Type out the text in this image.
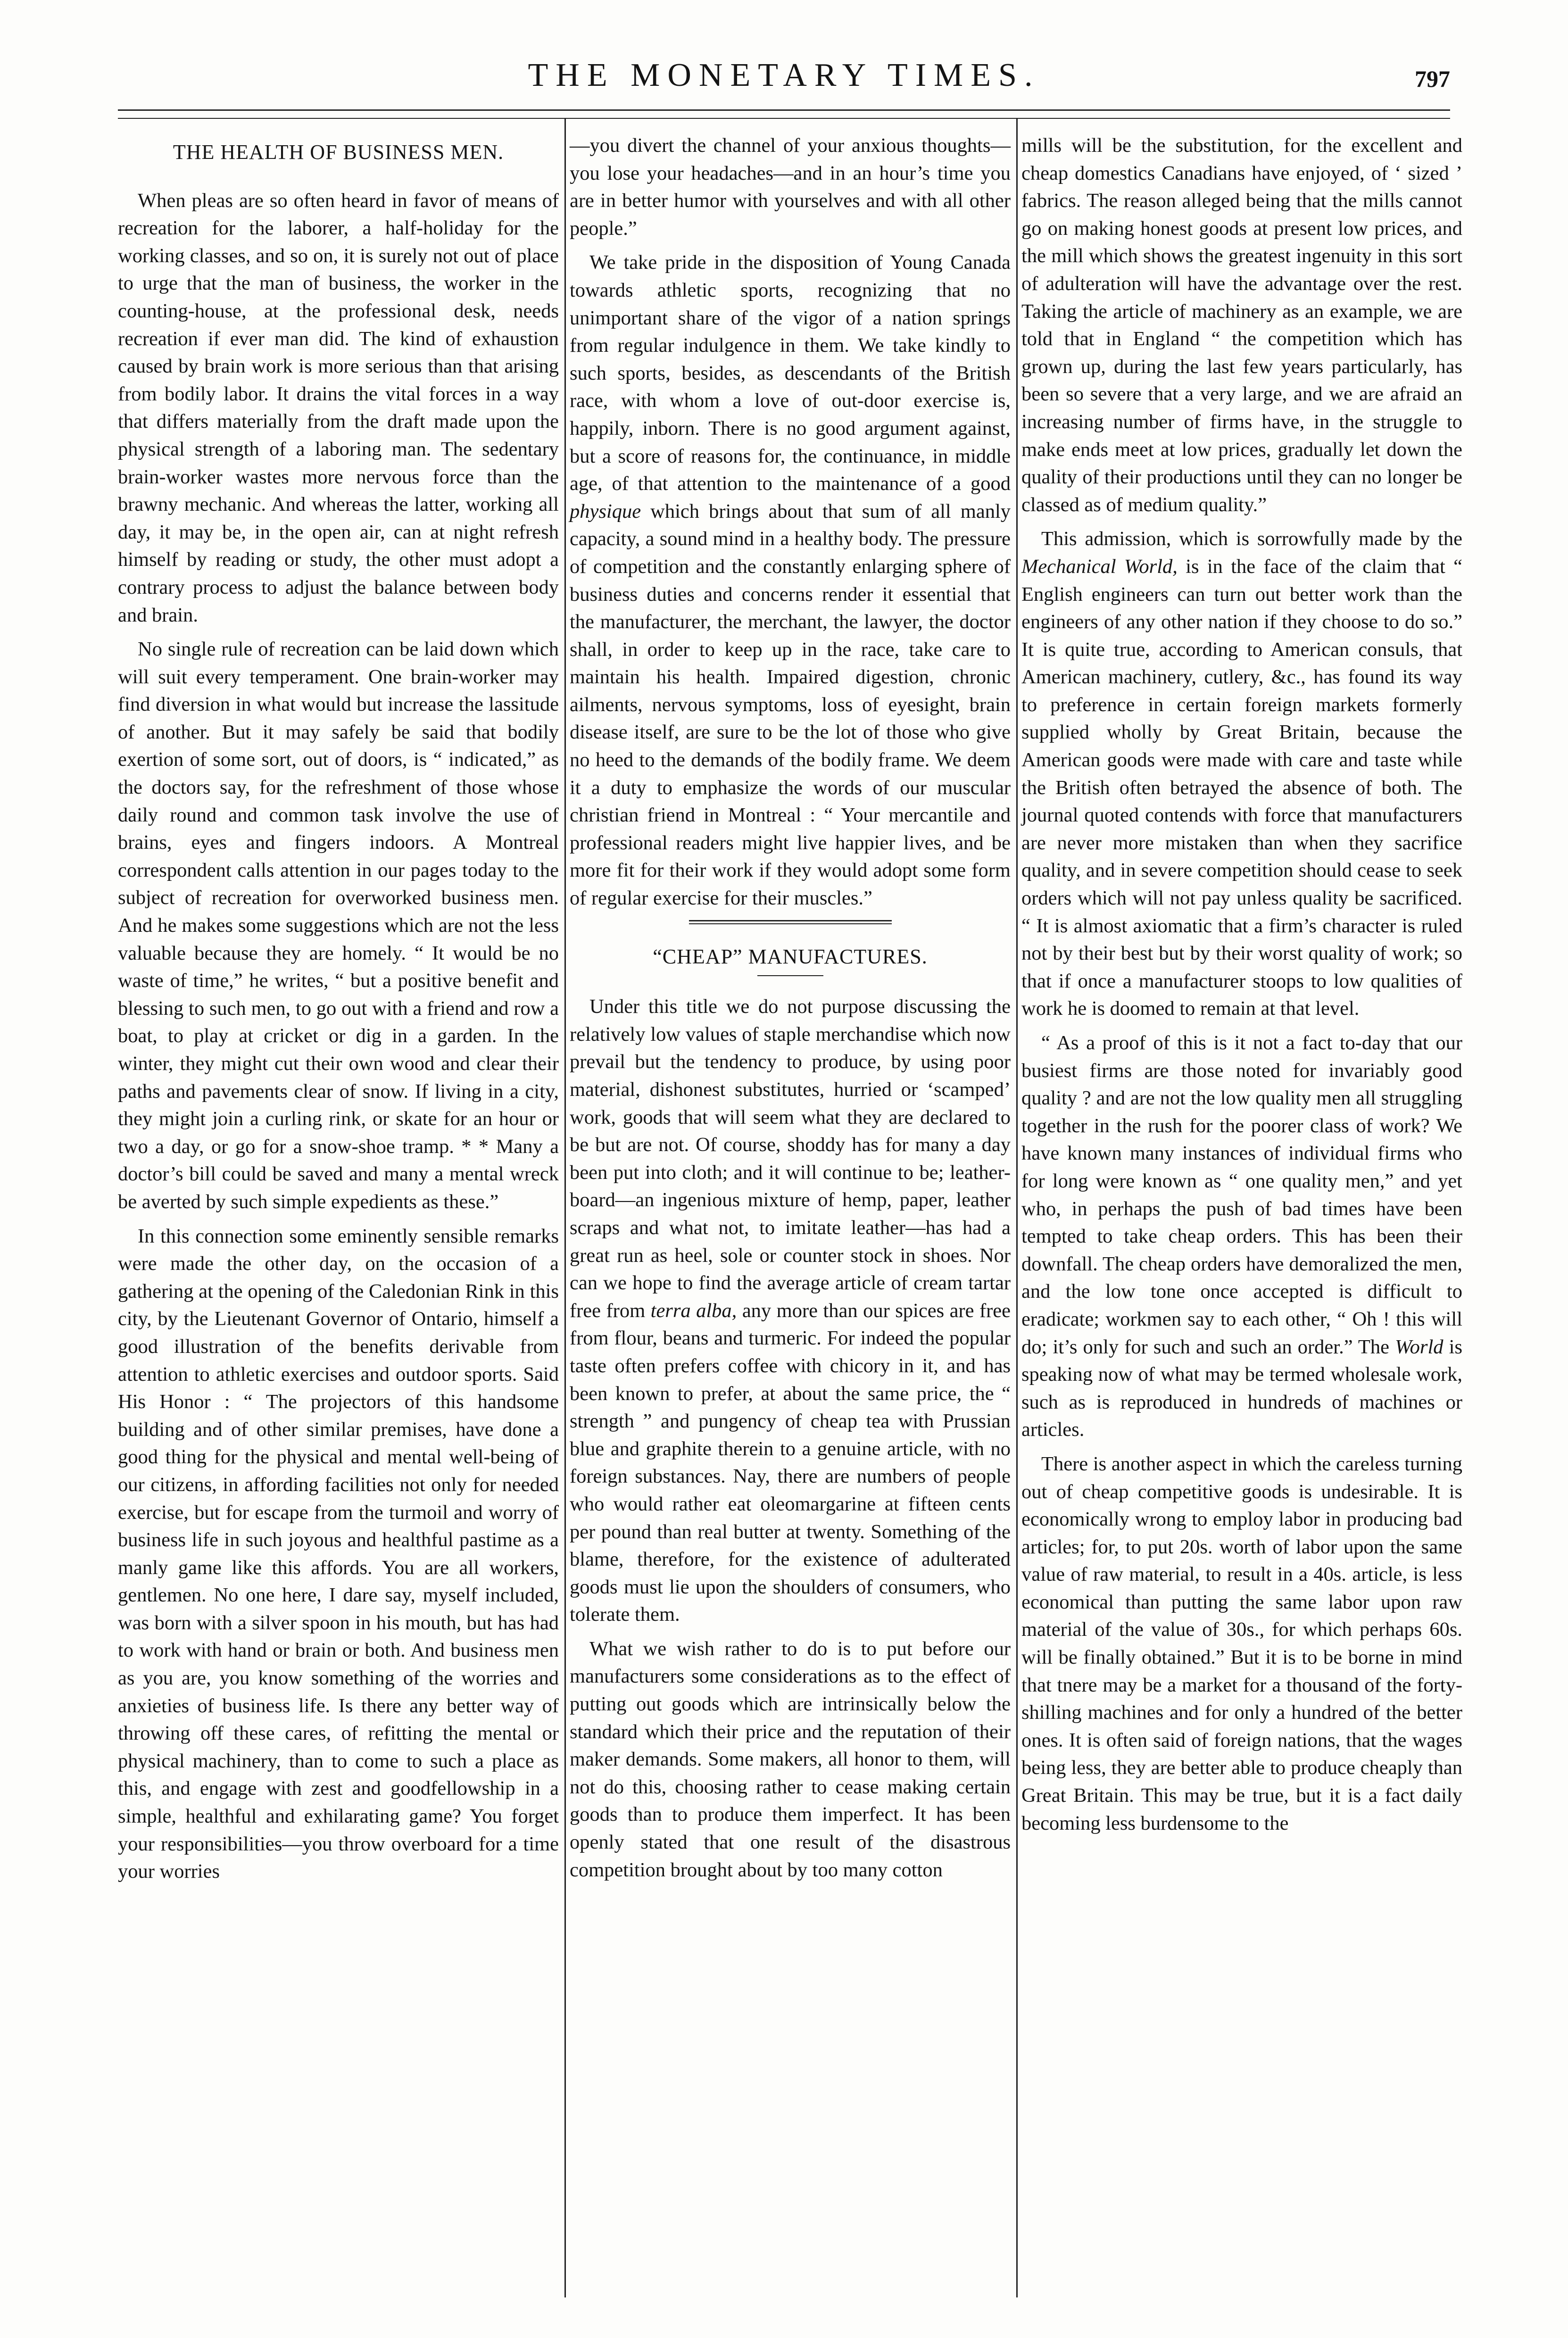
THE MONETARY TIMES.	797
THE HEALTH OF BUSINESS MEN.

When pleas are so often heard in favor of means of recreation for the laborer, a half-holiday for the working classes, and so on, it is surely not out of place to urge that the man of business, the worker in the counting-house, at the professional desk, needs recreation if ever man did. The kind of exhaustion caused by brain work is more serious than that arising from bodily labor. It drains the vital forces in a way that differs materially from the draft made upon the physical strength of a laboring man. The sedentary brain-worker wastes more nervous force than the brawny mechanic. And whereas the latter, working all day, it may be, in the open air, can at night refresh himself by reading or study, the other must adopt a contrary process to adjust the balance between body and brain.

No single rule of recreation can be laid down which will suit every temperament. One brain-worker may find diversion in what would but increase the lassitude of another. But it may safely be said that bodily exertion of some sort, out of doors, is “ indicated,” as the doctors say, for the refreshment of those whose daily round and common task involve the use of brains, eyes and fingers indoors. A Montreal correspondent calls attention in our pages today to the subject of recreation for overworked business men. And he makes some suggestions which are not the less valuable because they are homely. “ It would be no waste of time,” he writes, “ but a positive benefit and blessing to such men, to go out with a friend and row a boat, to play at cricket or dig in a garden. In the winter, they might cut their own wood and clear their paths and pavements clear of snow. If living in a city, they might join a curling rink, or skate for an hour or two a day, or go for a snow-shoe tramp. * * Many a doctor’s bill could be saved and many a mental wreck be averted by such simple expedients as these.”

In this connection some eminently sensible remarks were made the other day, on the occasion of a gathering at the opening of the Caledonian Rink in this city, by the Lieutenant Governor of Ontario, himself a good illustration of the benefits derivable from attention to athletic exercises and outdoor sports. Said His Honor : “ The projectors of this handsome building and of other similar premises, have done a good thing for the physical and mental well-being of our citizens, in affording facilities not only for needed exercise, but for escape from the turmoil and worry of business life in such joyous and healthful pastime as a manly game like this affords. You are all workers, gentlemen. No one here, I dare say, myself included, was born with a silver spoon in his mouth, but has had to work with hand or brain or both. And business men as you are, you know something of the worries and anxieties of business life. Is there any better way of throwing off these cares, of refitting the mental or physical machinery, than to come to such a place as this, and engage with zest and goodfellowship in a simple, healthful and exhilarating game? You forget your responsibilities—you throw overboard for a time your worries

—you divert the channel of your anxious thoughts—you lose your headaches—and in an hour’s time you are in better humor with yourselves and with all other people.”

We take pride in the disposition of Young Canada towards athletic sports, recognizing that no unimportant share of the vigor of a nation springs from regular indulgence in them. We take kindly to such sports, besides, as descendants of the British race, with whom a love of out-door exercise is, happily, inborn. There is no good argument against, but a score of reasons for, the continuance, in middle age, of that attention to the maintenance of a good physique which brings about that sum of all manly capacity, a sound mind in a healthy body. The pressure of competition and the constantly enlarging sphere of business duties and concerns render it essential that the manufacturer, the merchant, the lawyer, the doctor shall, in order to keep up in the race, take care to maintain his health. Impaired digestion, chronic ailments, nervous symptoms, loss of eyesight, brain disease itself, are sure to be the lot of those who give no heed to the demands of the bodily frame. We deem it a duty to emphasize the words of our muscular christian friend in Montreal : “ Your mercantile and professional readers might live happier lives, and be more fit for their work if they would adopt some form of regular exercise for their muscles.”

“CHEAP” MANUFACTURES.

Under this title we do not purpose discussing the relatively low values of staple merchandise which now prevail but the tendency to produce, by using poor material, dishonest substitutes, hurried or ‘scamped’ work, goods that will seem what they are declared to be but are not. Of course, shoddy has for many a day been put into cloth; and it will continue to be; leather-board—an ingenious mixture of hemp, paper, leather scraps and what not, to imitate leather—has had a great run as heel, sole or counter stock in shoes. Nor can we hope to find the average article of cream tartar free from terra alba, any more than our spices are free from flour, beans and turmeric. For indeed the popular taste often prefers coffee with chicory in it, and has been known to prefer, at about the same price, the “ strength ” and pungency of cheap tea with Prussian blue and graphite therein to a genuine article, with no foreign substances. Nay, there are numbers of people who would rather eat oleomargarine at fifteen cents per pound than real butter at twenty. Something of the blame, therefore, for the existence of adulterated goods must lie upon the shoulders of consumers, who tolerate them.

What we wish rather to do is to put before our manufacturers some considerations as to the effect of putting out goods which are intrinsically below the standard which their price and the reputation of their maker demands. Some makers, all honor to them, will not do this, choosing rather to cease making certain goods than to produce them imperfect. It has been openly stated that one result of the disastrous competition brought about by too many cotton

mills will be the substitution, for the excellent and cheap domestics Canadians have enjoyed, of ‘ sized ’ fabrics. The reason alleged being that the mills cannot go on making honest goods at present low prices, and the mill which shows the greatest ingenuity in this sort of adulteration will have the advantage over the rest. Taking the article of machinery as an example, we are told that in England “ the competition which has grown up, during the last few years particularly, has been so severe that a very large, and we are afraid an increasing number of firms have, in the struggle to make ends meet at low prices, gradually let down the quality of their productions until they can no longer be classed as of medium quality.”

This admission, which is sorrowfully made by the Mechanical World, is in the face of the claim that “ English engineers can turn out better work than the engineers of any other nation if they choose to do so.” It is quite true, according to American consuls, that American machinery, cutlery, &c., has found its way to preference in certain foreign markets formerly supplied wholly by Great Britain, because the American goods were made with care and taste while the British often betrayed the absence of both. The journal quoted contends with force that manufacturers are never more mistaken than when they sacrifice quality, and in severe competition should cease to seek orders which will not pay unless quality be sacrificed. “ It is almost axiomatic that a firm’s character is ruled not by their best but by their worst quality of work; so that if once a manufacturer stoops to low qualities of work he is doomed to remain at that level.

“ As a proof of this is it not a fact to-day that our busiest firms are those noted for invariably good quality ? and are not the low quality men all struggling together in the rush for the poorer class of work? We have known many instances of individual firms who for long were known as “ one quality men,” and yet who, in perhaps the push of bad times have been tempted to take cheap orders. This has been their downfall. The cheap orders have demoralized the men, and the low tone once accepted is difficult to eradicate; workmen say to each other, “ Oh ! this will do; it’s only for such and such an order.” The World is speaking now of what may be termed wholesale work, such as is reproduced in hundreds of machines or articles.

There is another aspect in which the careless turning out of cheap competitive goods is undesirable. It is economically wrong to employ labor in producing bad articles; for, to put 20s. worth of labor upon the same value of raw material, to result in a 40s. article, is less economical than putting the same labor upon raw material of the value of 30s., for which perhaps 60s. will be finally obtained.” But it is to be borne in mind that tnere may be a market for a thousand of the forty-shilling machines and for only a hundred of the better ones. It is often said of foreign nations, that the wages being less, they are better able to produce cheaply than Great Britain. This may be true, but it is a fact daily becoming less burdensome to the
